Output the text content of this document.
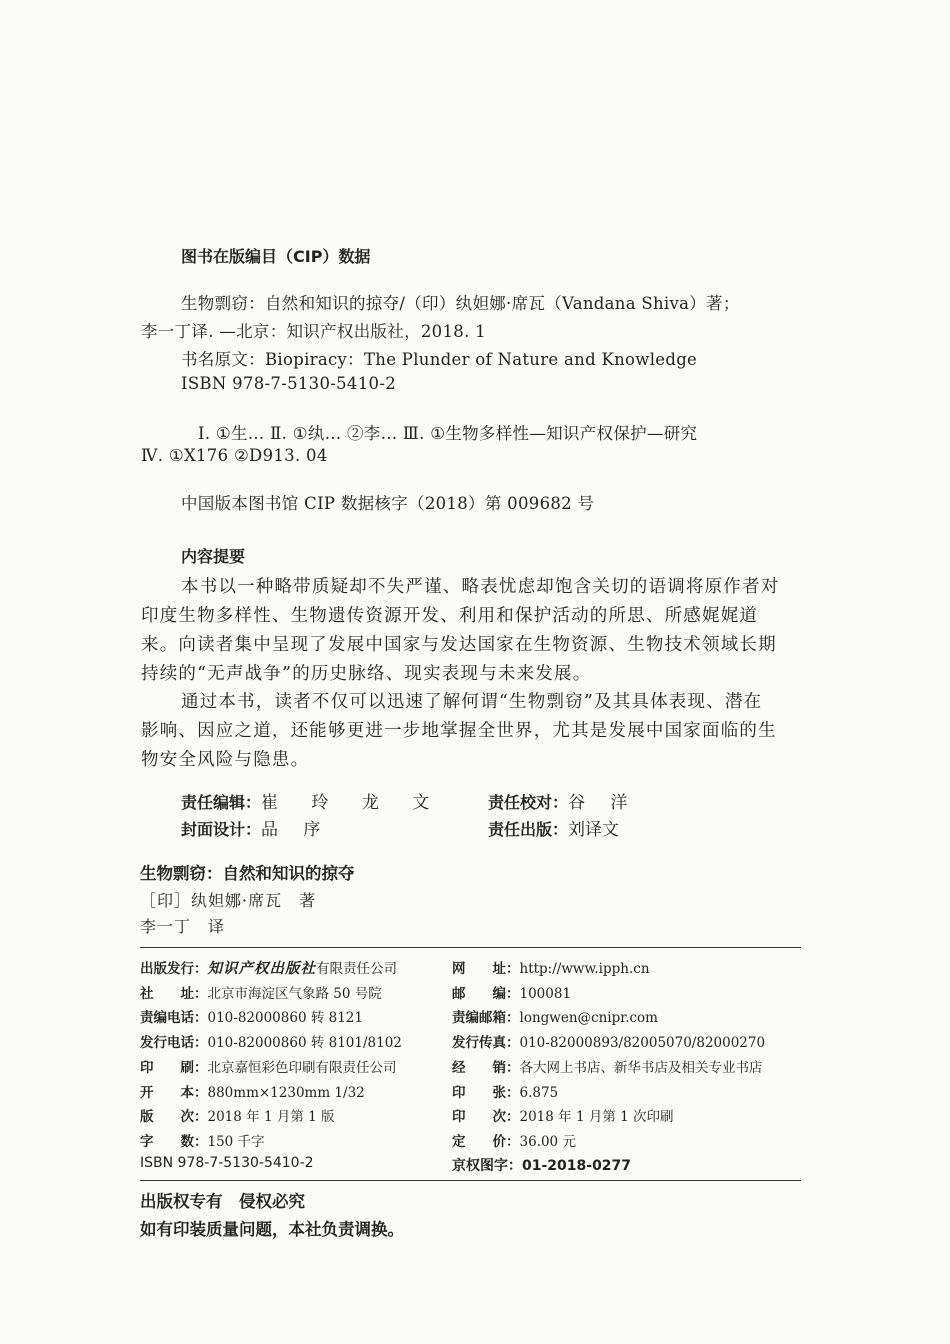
图书在版编目（CIP）数据
生物剽窃：自然和知识的掠夺/（印）纨妲娜·席瓦（Vandana Shiva）著；
李一丁译. —北京：知识产权出版社，2018. 1
书名原文：Biopiracy：The Plunder of Nature and Knowledge
ISBN 978-7-5130-5410-2
Ⅰ. ①生… Ⅱ. ①纨… ②李… Ⅲ. ①生物多样性—知识产权保护—研究
Ⅳ. ①X176 ②D913. 04
中国版本图书馆 CIP 数据核字（2018）第 009682 号
内容提要
本书以一种略带质疑却不失严谨、略表忧虑却饱含关切的语调将原作者对
印度生物多样性、生物遗传资源开发、利用和保护活动的所思、所感娓娓道
来。向读者集中呈现了发展中国家与发达国家在生物资源、生物技术领域长期
持续的“无声战争”的历史脉络、现实表现与未来发展。
通过本书，读者不仅可以迅速了解何谓“生物剽窃”及其具体表现、潜在
影响、因应之道，还能够更进一步地掌握全世界，尤其是发展中国家面临的生
物安全风险与隐患。
责任编辑：崔 玲 龙 文	责任校对：谷 洋
封面设计：品 序	责任出版：刘译文
生物剽窃：自然和知识的掠夺
［印］纨妲娜·席瓦　著
李一丁　译
出版发行：知识产权出版社有限责任公司	网　　址：http://www.ipph.cn
社　　址：北京市海淀区气象路 50 号院	邮　　编：100081
责编电话：010-82000860 转 8121	责编邮箱：longwen@cnipr.com
发行电话：010-82000860 转 8101/8102	发行传真：010-82000893/82005070/82000270
印　　刷：北京嘉恒彩色印刷有限责任公司	经　　销：各大网上书店、新华书店及相关专业书店
开　　本：880mm×1230mm 1/32	印　　张：6.875
版　　次：2018 年 1 月第 1 版	印　　次：2018 年 1 月第 1 次印刷
字　　数：150 千字	定　　价：36.00 元
ISBN 978-7-5130-5410-2	京权图字：01-2018-0277
出版权专有　侵权必究
如有印装质量问题，本社负责调换。
